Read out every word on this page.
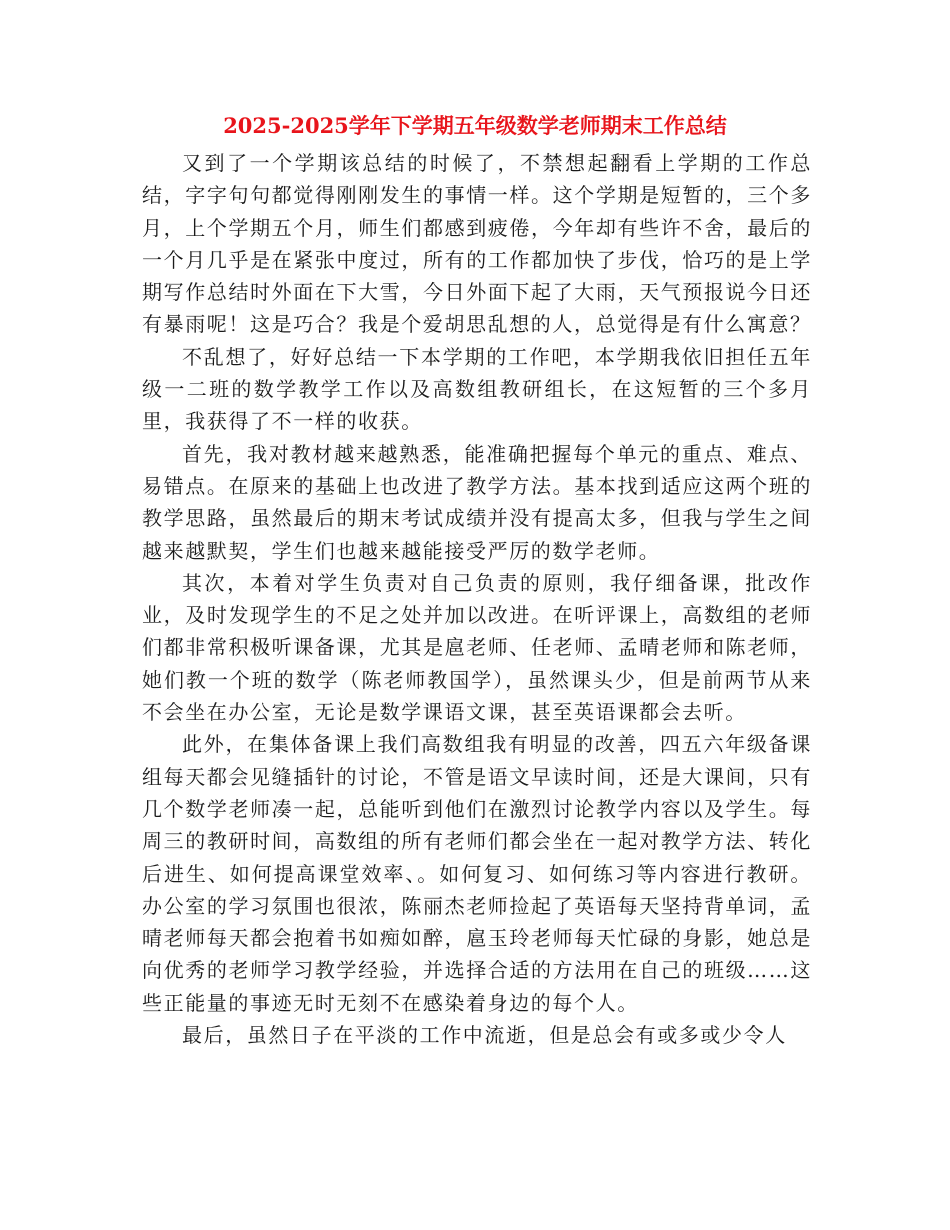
2025-2025学年下学期五年级数学老师期末工作总结

又到了一个学期该总结的时候了，不禁想起翻看上学期的工作总结，字字句句都觉得刚刚发生的事情一样。这个学期是短暂的，三个多月，上个学期五个月，师生们都感到疲倦，今年却有些许不舍，最后的一个月几乎是在紧张中度过，所有的工作都加快了步伐，恰巧的是上学期写作总结时外面在下大雪，今日外面下起了大雨，天气预报说今日还有暴雨呢！这是巧合？我是个爱胡思乱想的人，总觉得是有什么寓意？

不乱想了，好好总结一下本学期的工作吧，本学期我依旧担任五年级一二班的数学教学工作以及高数组教研组长，在这短暂的三个多月里，我获得了不一样的收获。

首先，我对教材越来越熟悉，能准确把握每个单元的重点、难点、易错点。在原来的基础上也改进了教学方法。基本找到适应这两个班的教学思路，虽然最后的期末考试成绩并没有提高太多，但我与学生之间越来越默契，学生们也越来越能接受严厉的数学老师。

其次，本着对学生负责对自己负责的原则，我仔细备课，批改作业，及时发现学生的不足之处并加以改进。在听评课上，高数组的老师们都非常积极听课备课，尤其是扈老师、任老师、孟晴老师和陈老师，她们教一个班的数学（陈老师教国学），虽然课头少，但是前两节从来不会坐在办公室，无论是数学课语文课，甚至英语课都会去听。

此外，在集体备课上我们高数组我有明显的改善，四五六年级备课组每天都会见缝插针的讨论，不管是语文早读时间，还是大课间，只有几个数学老师凑一起，总能听到他们在激烈讨论教学内容以及学生。每周三的教研时间，高数组的所有老师们都会坐在一起对教学方法、转化后进生、如何提高课堂效率、。如何复习、如何练习等内容进行教研。办公室的学习氛围也很浓，陈丽杰老师捡起了英语每天坚持背单词，孟晴老师每天都会抱着书如痴如醉，扈玉玲老师每天忙碌的身影，她总是向优秀的老师学习教学经验，并选择合适的方法用在自己的班级……这些正能量的事迹无时无刻不在感染着身边的每个人。

最后，虽然日子在平淡的工作中流逝，但是总会有或多或少令人
